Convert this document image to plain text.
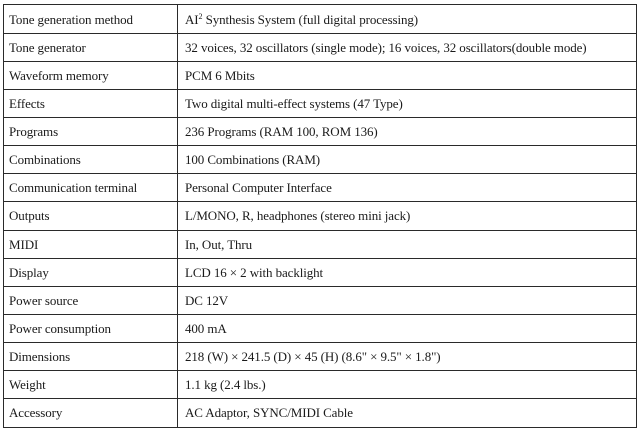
Tone generation method	$AI^2$ Synthesis System (full digital processing)
Tone generator	32 voices, 32 oscillators (single mode); 16 voices, 32 oscillators(double mode)
Waveform memory	PCM 6 Mbits
Effects	Two digital multi-effect systems (47 Type)
Programs	236 Programs (RAM 100, ROM 136)
Combinations	100 Combinations (RAM)
Communication terminal	Personal Computer Interface
Outputs	L/MONO, R, headphones (stereo mini jack)
MIDI	In, Out, Thru
Display	LCD 16 × 2 with backlight
Power source	DC 12V
Power consumption	400 mA
Dimensions	218 (W) × 241.5 (D) × 45 (H) (8.6" × 9.5" × 1.8")
Weight	1.1 kg (2.4 lbs.)
Accessory	AC Adaptor, SYNC/MIDI Cable
